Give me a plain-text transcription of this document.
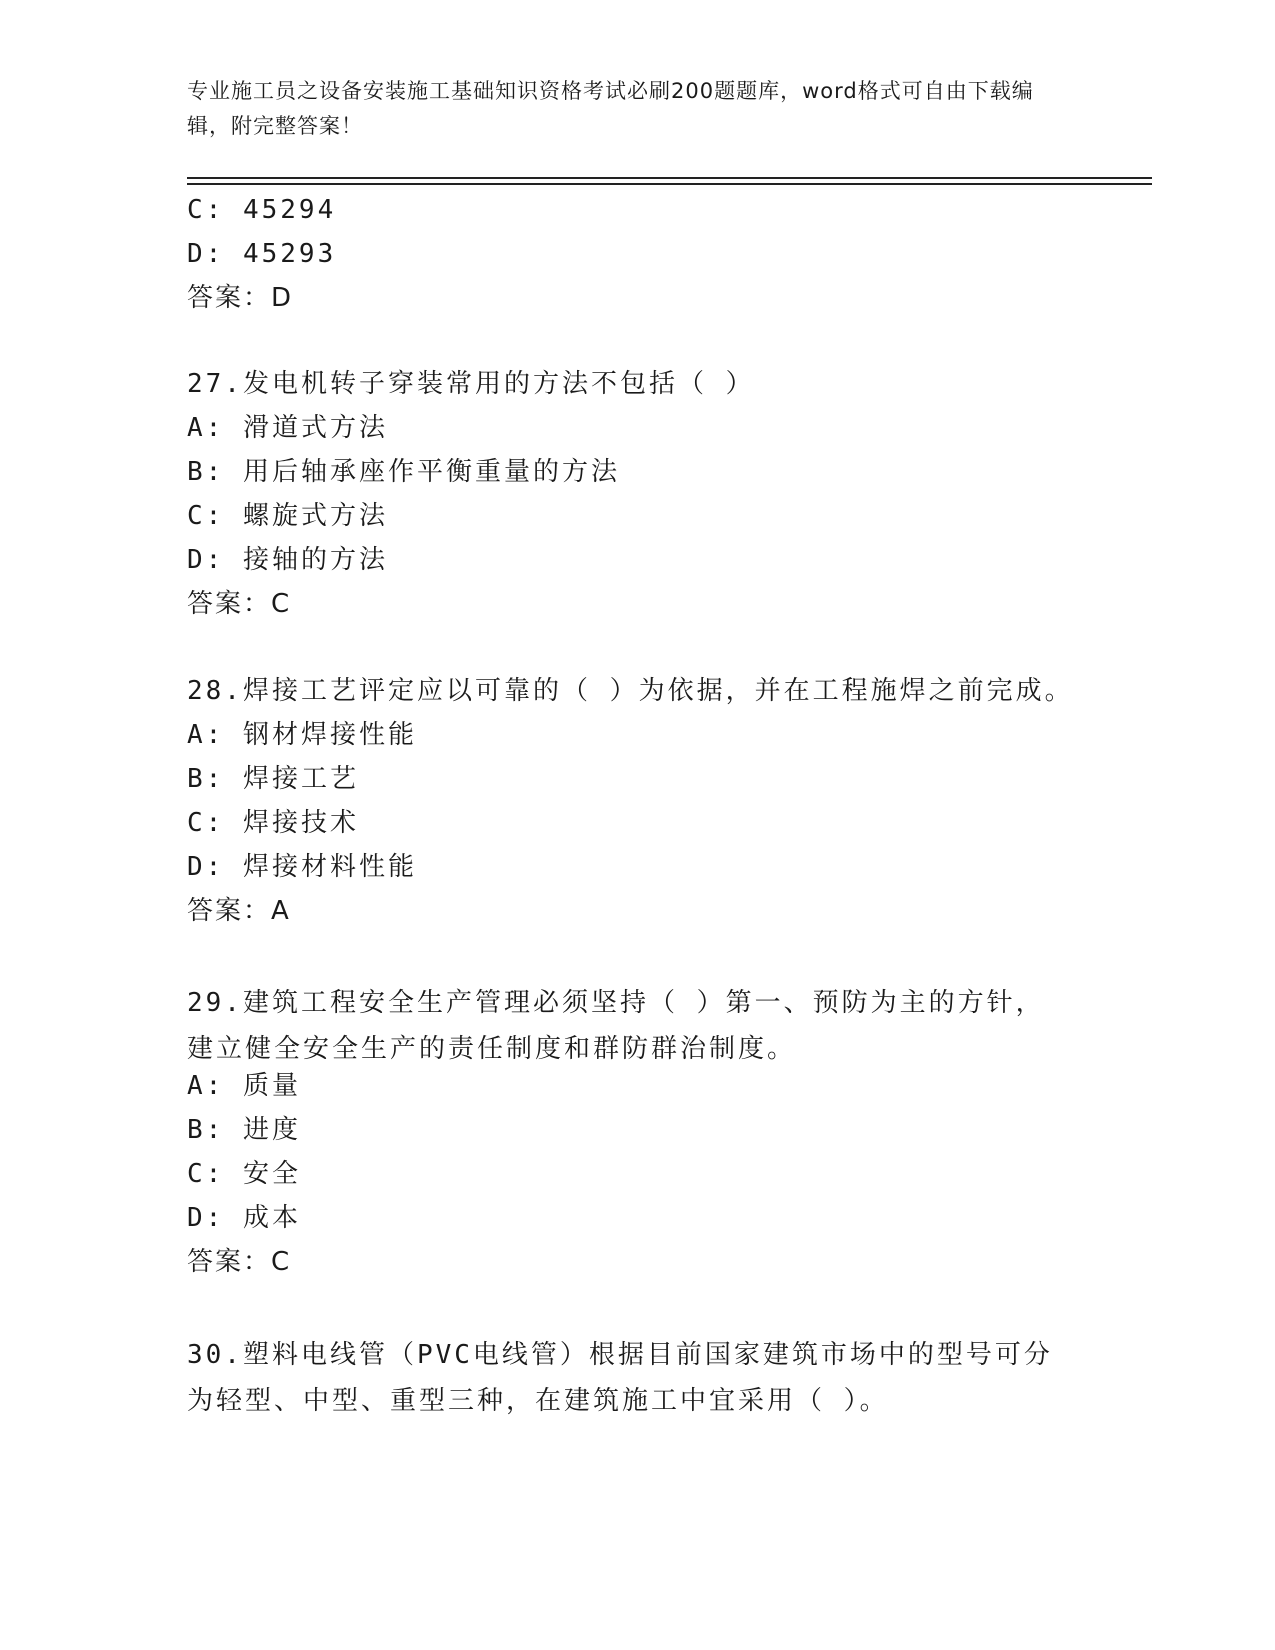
专业施工员之设备安装施工基础知识资格考试必刷200题题库，word格式可自由下载编辑，附完整答案！
C: 45294
D: 45293
答案：D
27.发电机转子穿装常用的方法不包括（ ）
A: 滑道式方法
B: 用后轴承座作平衡重量的方法
C: 螺旋式方法
D: 接轴的方法
答案：C
28.焊接工艺评定应以可靠的（ ）为依据，并在工程施焊之前完成。
A: 钢材焊接性能
B: 焊接工艺
C: 焊接技术
D: 焊接材料性能
答案：A
29.建筑工程安全生产管理必须坚持（ ）第一、预防为主的方针，建立健全安全生产的责任制度和群防群治制度。
A: 质量
B: 进度
C: 安全
D: 成本
答案：C
30.塑料电线管（PVC电线管）根据目前国家建筑市场中的型号可分为轻型、中型、重型三种，在建筑施工中宜采用（ ）。
